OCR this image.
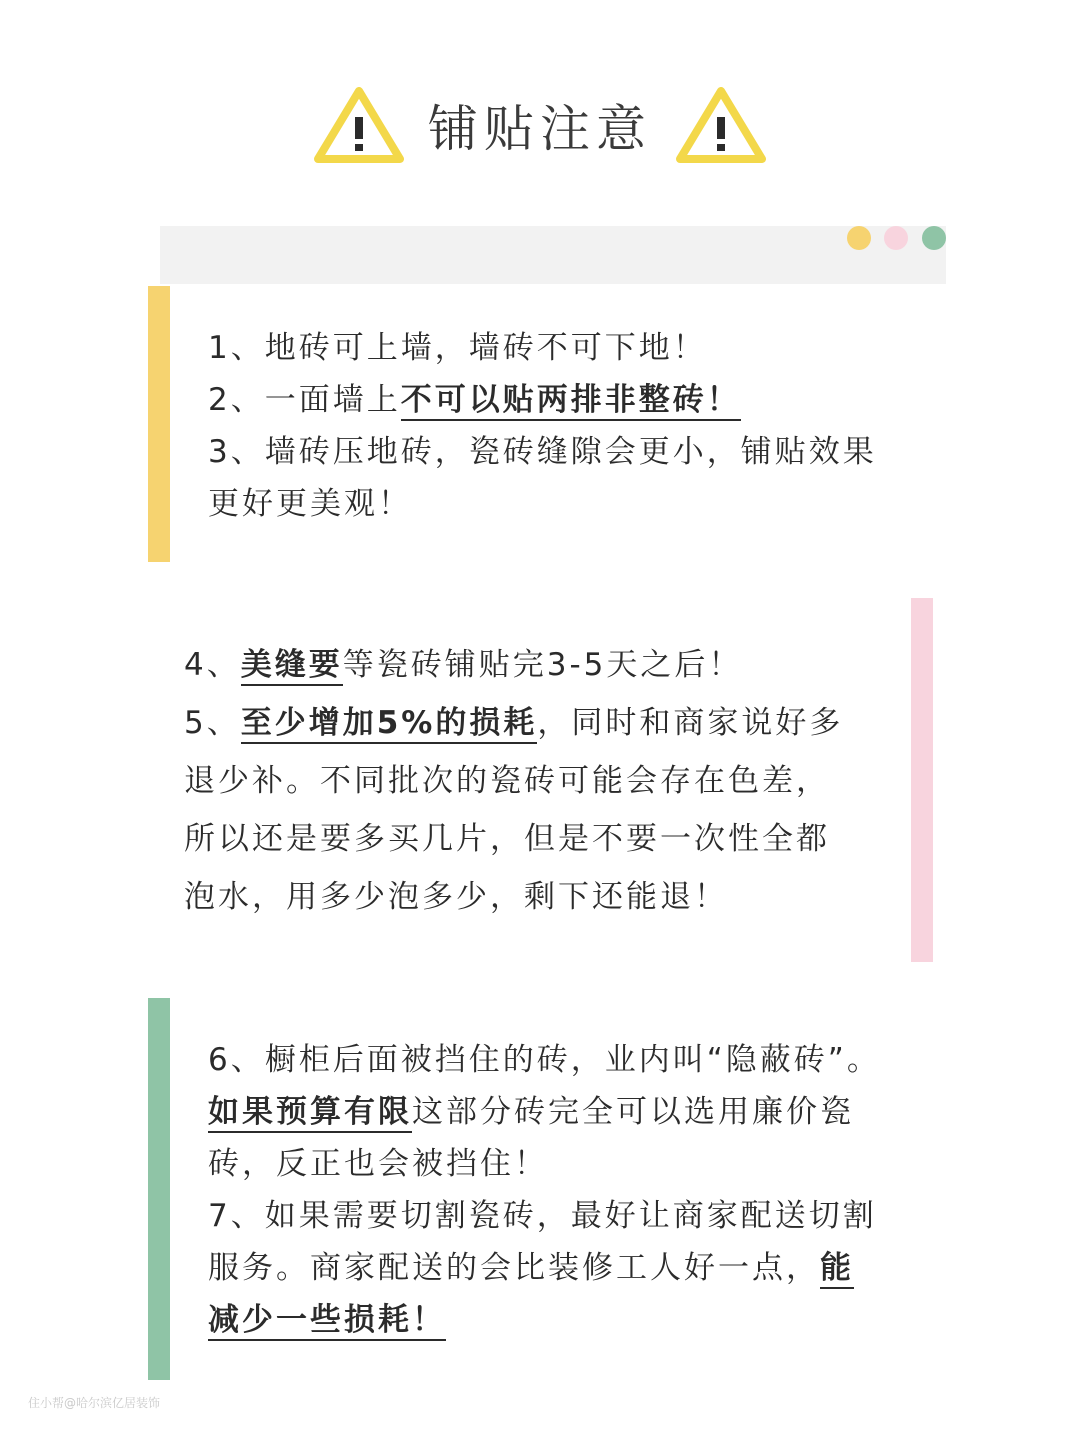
铺贴注意
1、地砖可上墙，墙砖不可下地！
2、一面墙上不可以贴两排非整砖！
3、墙砖压地砖，瓷砖缝隙会更小，铺贴效果
更好更美观！
4、美缝要等瓷砖铺贴完3-5天之后！
5、至少增加5%的损耗，同时和商家说好多
退少补。不同批次的瓷砖可能会存在色差，
所以还是要多买几片，但是不要一次性全都
泡水，用多少泡多少，剩下还能退！
6、橱柜后面被挡住的砖，业内叫“隐蔽砖”。
如果预算有限这部分砖完全可以选用廉价瓷
砖，反正也会被挡住！
7、如果需要切割瓷砖，最好让商家配送切割
服务。商家配送的会比装修工人好一点，能
减少一些损耗！
住小帮@哈尔滨亿居装饰
